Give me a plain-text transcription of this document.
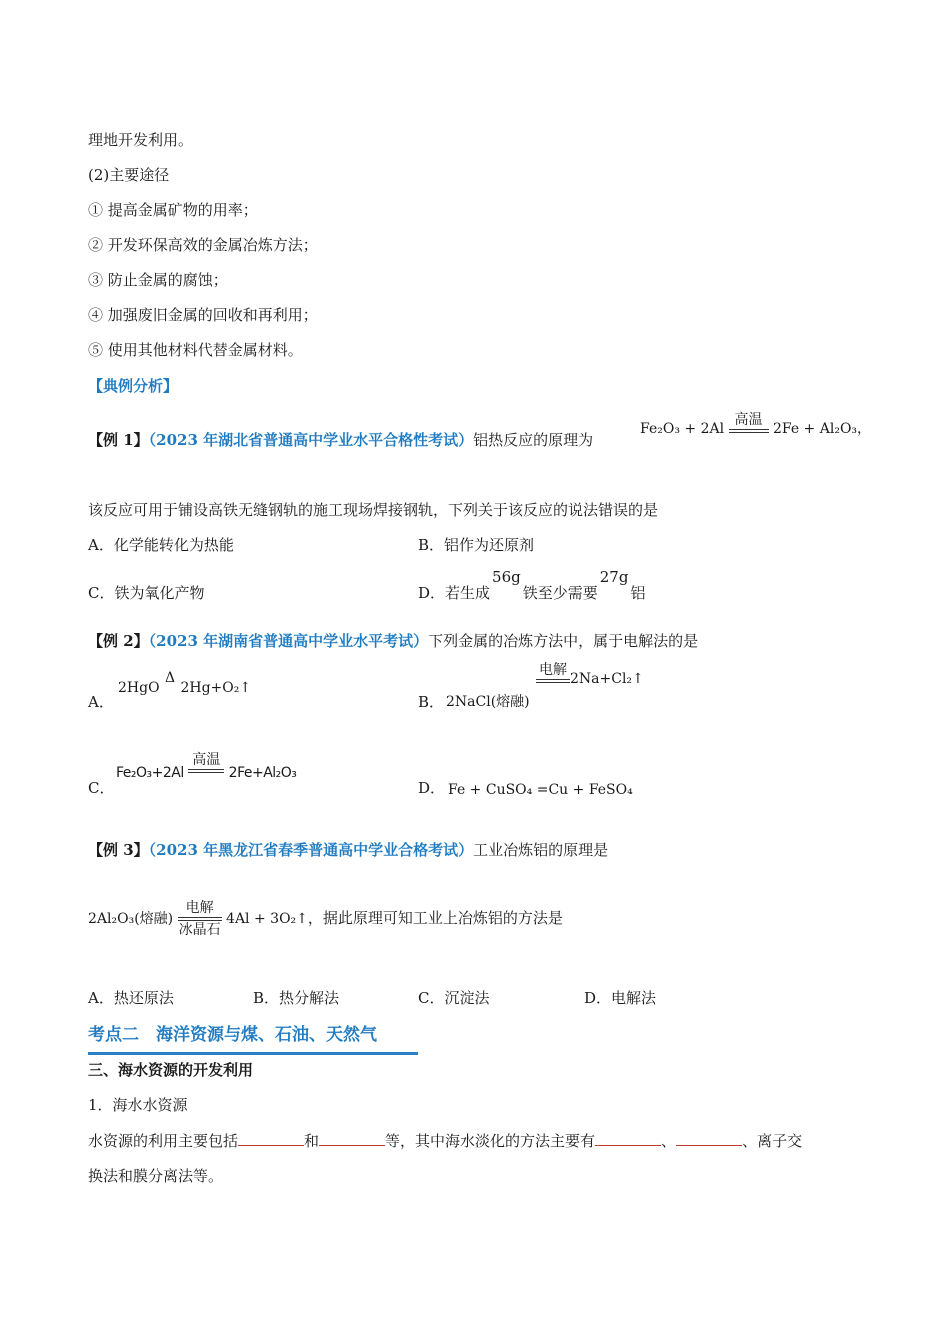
理地开发利用。
(2)主要途径
① 提高金属矿物的用率；
② 开发环保高效的金属冶炼方法；
③ 防止金属的腐蚀；
④ 加强废旧金属的回收和再利用；
⑤ 使用其他材料代替金属材料。
【典例分析】
【例 1】（2023 年湖北省普通高中学业水平合格性考试）铝热反应的原理为
Fe₂O₃ + 2Al
高温
2Fe + Al₂O₃，
该反应可用于铺设高铁无缝钢轨的施工现场焊接钢轨，下列关于该反应的说法错误的是
A．化学能转化为热能	B．铝作为还原剂
C．铁为氧化产物	D．若生成56g铁至少需要27g铝
【例 2】（2023 年湖南省普通高中学业水平考试）下列金属的冶炼方法中，属于电解法的是
A．
2HgO
Δ
2Hg+O₂↑
B． 2NaCl(熔融)
电解
2Na+Cl₂↑
C．
Fe₂O₃+2Al
高温
2Fe+Al₂O₃
D． Fe + CuSO₄ =Cu + FeSO₄
【例 3】（2023 年黑龙江省春季普通高中学业合格考试）工业冶炼铝的原理是
2Al₂O₃(熔融)
电解
冰晶石
4Al + 3O₂↑，据此原理可知工业上冶炼铝的方法是
A．热还原法	B．热分解法	C．沉淀法	D．电解法
考点二　海洋资源与煤、石油、天然气
三、海水资源的开发利用
1．海水水资源
水资源的利用主要包括	和	等，其中海水淡化的方法主要有	、	、离子交
换法和膜分离法等。
